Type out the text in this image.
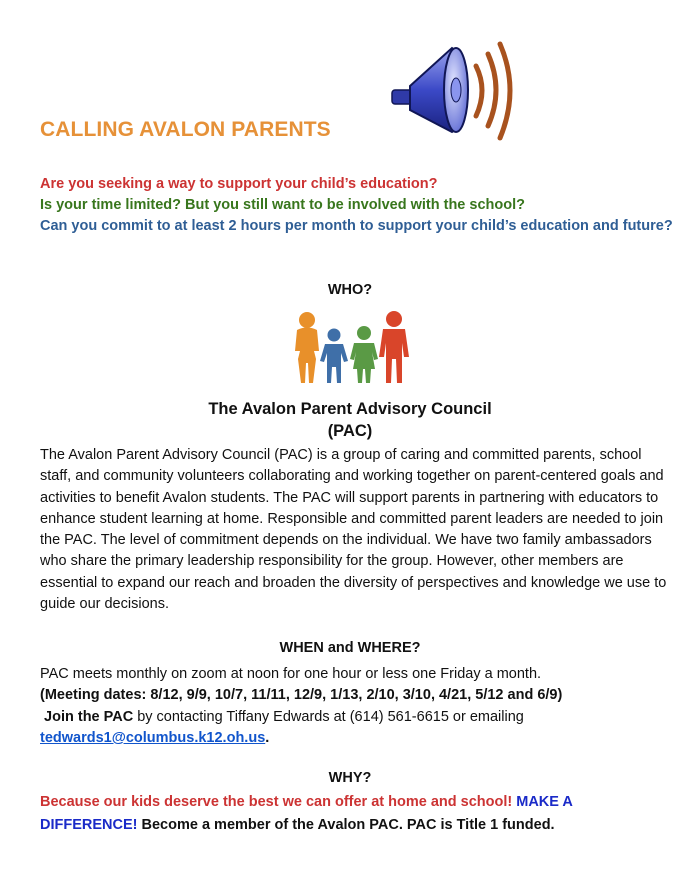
CALLING AVALON PARENTS

Are you seeking a way to support your child’s education?

Is your time limited? But you still want to be involved with the school?

Can you commit to at least 2 hours per month to support your child’s education and future?

WHO?

The Avalon Parent Advisory Council
(PAC)

The Avalon Parent Advisory Council (PAC) is a group of caring and committed parents, school staff, and community volunteers collaborating and working together on parent-centered goals and activities to benefit Avalon students. The PAC will support parents in partnering with educators to enhance student learning at home. Responsible and committed parent leaders are needed to join the PAC. The level of commitment depends on the individual. We have two family ambassadors who share the primary leadership responsibility for the group. However, other members are essential to expand our reach and broaden the diversity of perspectives and knowledge we use to guide our decisions.

WHEN and WHERE?

PAC meets monthly on zoom at noon for one hour or less one Friday a month.

(Meeting dates: 8/12, 9/9, 10/7, 11/11, 12/9, 1/13, 2/10, 3/10, 4/21, 5/12 and 6/9)

Join the PAC by contacting Tiffany Edwards at (614) 561-6615 or emailing

tedwards1@columbus.k12.oh.us.

WHY?

Because our kids deserve the best we can offer at home and school! MAKE A DIFFERENCE! Become a member of the Avalon PAC. PAC is Title 1 funded.
